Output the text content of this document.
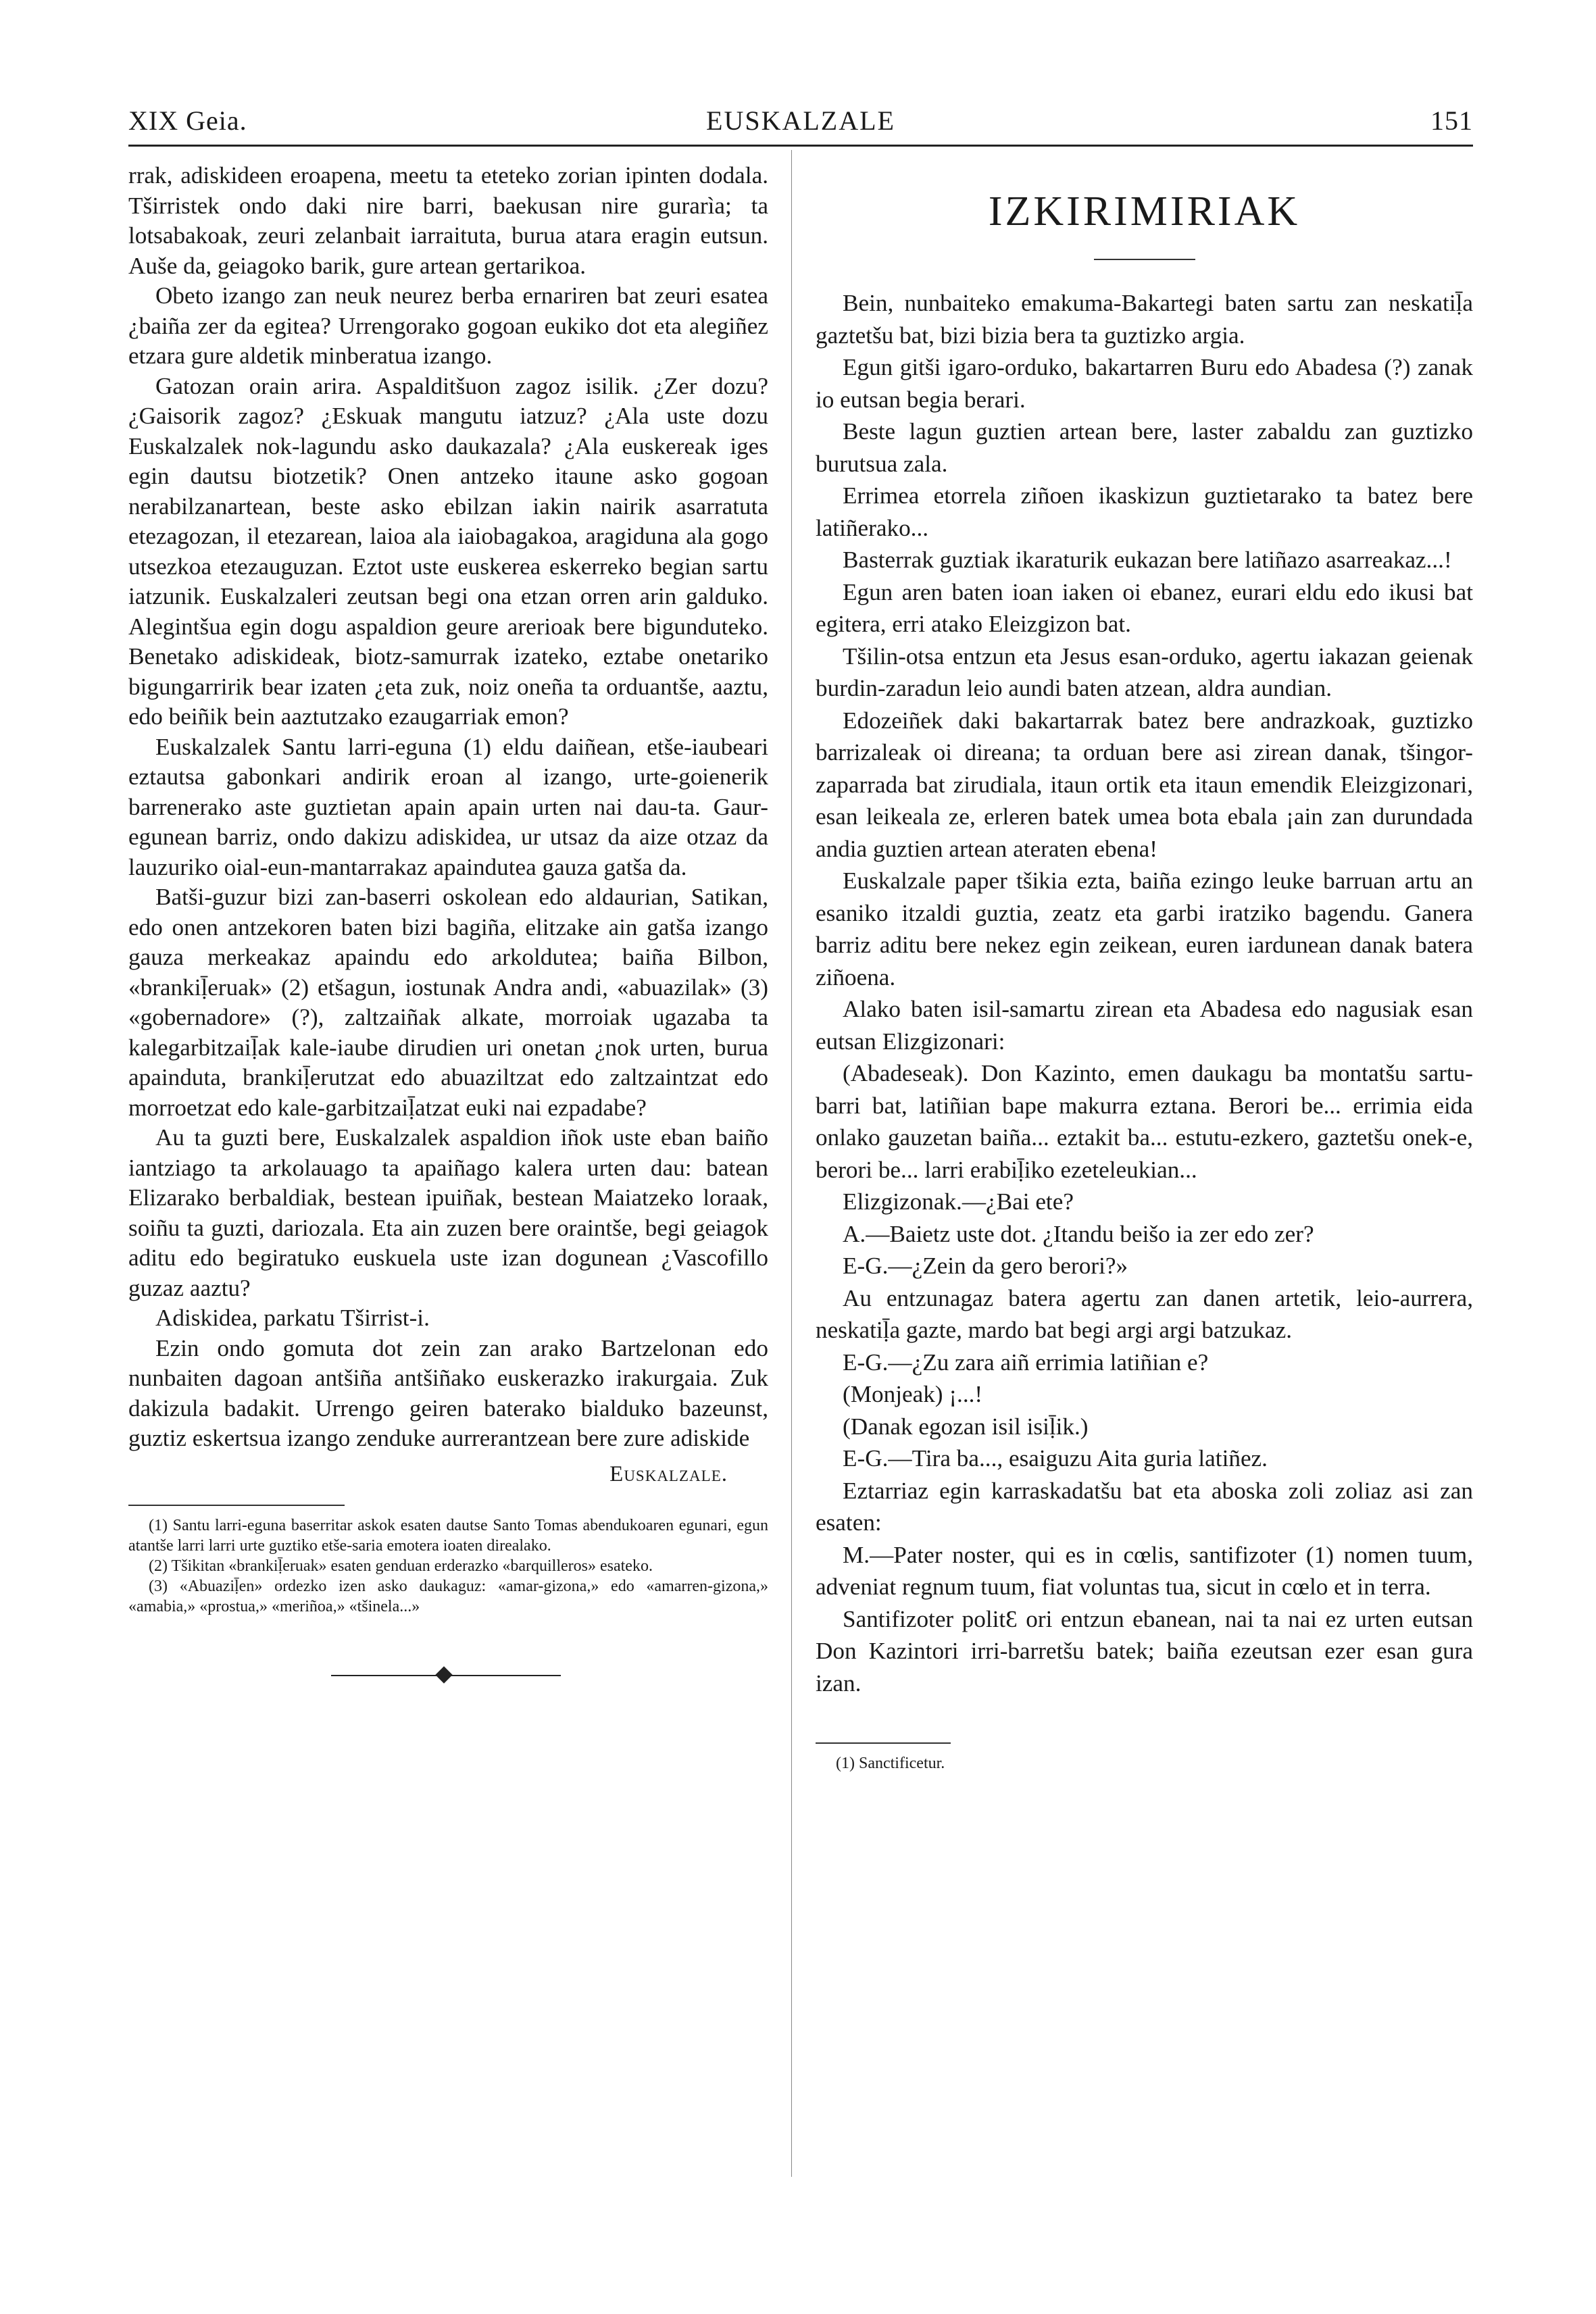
XIX Geia.	EUSKALZALE	151

rrak, adiskideen eroapena, meetu ta eteteko zorian ipinten dodala. Tširristek ondo daki nire barri, baekusan nire gurarìa; ta lotsabakoak, zeuri zelanbait iarraituta, burua atara eragin eutsun. Auše da, geiagoko barik, gure artean gertarikoa.

Obeto izango zan neuk neurez berba ernariren bat zeuri esatea ¿baiña zer da egitea? Urrengorako gogoan eukiko dot eta alegiñez etzara gure aldetik minberatua izango.

Gatozan orain arira. Aspalditšuon zagoz isilik. ¿Zer dozu? ¿Gaisorik zagoz? ¿Eskuak mangutu iatzuz? ¿Ala uste dozu Euskalzalek nok-lagundu asko daukazala? ¿Ala euskereak iges egin dautsu biotzetik? Onen antzeko itaune asko gogoan nerabilzanartean, beste asko ebilzan iakin nairik asarratuta etezagozan, il etezarean, laioa ala iaiobagakoa, aragiduna ala gogo utsezkoa etezauguzan. Eztot uste euskerea eskerreko begian sartu iatzunik. Euskalzaleri zeutsan begi ona etzan orren arin galduko. Alegintšua egin dogu aspaldion geure arerioak bere bigunduteko. Benetako adiskideak, biotz-samurrak izateko, eztabe onetariko bigungarririk bear izaten ¿eta zuk, noiz oneña ta orduantše, aaztu, edo beiñik bein aaztutzako ezaugarriak emon?

Euskalzalek Santu larri-eguna (1) eldu daiñean, etše-iaubeari eztautsa gabonkari andirik eroan al izango, urte-goienerik barrenerako aste guztietan apain apain urten nai dau-ta. Gaur-egunean barriz, ondo dakizu adiskidea, ur utsaz da aize otzaz da lauzuriko oial-eun-mantarrakaz apaindutea gauza gatša da.

Batši-guzur bizi zan-baserri oskolean edo aldaurian, Satikan, edo onen antzekoren baten bizi bagiña, elitzake ain gatša izango gauza merkeakaz apaindu edo arkoldutea; baiña Bilbon, «brankiḹeruak» (2) etšagun, iostunak Andra andi, «abuazilak» (3) «gobernadore» (?), zaltzaiñak alkate, morroiak ugazaba ta kalegarbitzaiḹak kale-iaube dirudien uri onetan ¿nok urten, burua apainduta, brankiḹerutzat edo abuaziltzat edo zaltzaintzat edo morroetzat edo kale-garbitzaiḹatzat euki nai ezpadabe?

Au ta guzti bere, Euskalzalek aspaldion iñok uste eban baiño iantziago ta arkolauago ta apaiñago kalera urten dau: batean Elizarako berbaldiak, bestean ipuiñak, bestean Maiatzeko loraak, soiñu ta guzti, dariozala. Eta ain zuzen bere oraintše, begi geiagok aditu edo begiratuko euskuela uste izan dogunean ¿Vascofillo guzaz aaztu?

Adiskidea, parkatu Tširrist-i.

Ezin ondo gomuta dot zein zan arako Bartzelonan edo nunbaiten dagoan antšiña antšiñako euskerazko irakurgaia. Zuk dakizula badakit. Urrengo geiren baterako bialduko bazeunst, guztiz eskertsua izango zenduke aurrerantzean bere zure adiskide

Euskalzale.

(1) Santu larri-eguna baserritar askok esaten dautse Santo Tomas abendukoaren egunari, egun atantše larri larri urte guztiko etše-saria emotera ioaten direalako.

(2) Tšikitan «brankiḹeruak» esaten genduan erderazko «barquilleros» esateko.

(3) «Abuaziḹen» ordezko izen asko daukaguz: «amar-gizona,» edo «amarren-gizona,» «amabia,» «prostua,» «meriñoa,» «tšinela...»

IZKIRIMIRIAK

Bein, nunbaiteko emakuma-Bakartegi baten sartu zan neskatiḹa gaztetšu bat, bizi bizia bera ta guztizko argia.

Egun gitši igaro-orduko, bakartarren Buru edo Abadesa (?) zanak io eutsan begia berari.

Beste lagun guztien artean bere, laster zabaldu zan guztizko burutsua zala.

Errimea etorrela ziñoen ikaskizun guztietarako ta batez bere latiñerako...

Basterrak guztiak ikaraturik eukazan bere latiñazo asarreakaz...!

Egun aren baten ioan iaken oi ebanez, eurari eldu edo ikusi bat egitera, erri atako Eleizgizon bat.

Tšilin-otsa entzun eta Jesus esan-orduko, agertu iakazan geienak burdin-zaradun leio aundi baten atzean, aldra aundian.

Edozeiñek daki bakartarrak batez bere andrazkoak, guztizko barrizaleak oi direana; ta orduan bere asi zirean danak, tšingor-zaparrada bat zirudiala, itaun ortik eta itaun emendik Eleizgizonari, esan leikeala ze, erleren batek umea bota ebala ¡ain zan durundada andia guztien artean ateraten ebena!

Euskalzale paper tšikia ezta, baiña ezingo leuke barruan artu an esaniko itzaldi guztia, zeatz eta garbi iratziko bagendu. Ganera barriz aditu bere nekez egin zeikean, euren iardunean danak batera ziñoena.

Alako baten isil-samartu zirean eta Abadesa edo nagusiak esan eutsan Elizgizonari:

(Abadeseak). Don Kazinto, emen daukagu ba montatšu sartu-barri bat, latiñian bape makurra eztana. Berori be... errimia eida onlako gauzetan baiña... eztakit ba... estutu-ezkero, gaztetšu onek-e, berori be... larri erabiḹiko ezeteleukian...

Elizgizonak.—¿Bai ete?

A.—Baietz uste dot. ¿Itandu beišo ia zer edo zer?

E-G.—¿Zein da gero berori?»

Au entzunagaz batera agertu zan danen artetik, leio-aurrera, neskatiḹa gazte, mardo bat begi argi argi batzukaz.

E-G.—¿Zu zara aiñ errimia latiñian e?

(Monjeak) ¡...!

(Danak egozan isil isiḹik.)

E-G.—Tira ba..., esaiguzu Aita guria latiñez.

Eztarriaz egin karraskadatšu bat eta aboska zoli zoliaz asi zan esaten:

M.—Pater noster, qui es in cœlis, santifizoter (1) nomen tuum, adveniat regnum tuum, fiat voluntas tua, sicut in cœlo et in terra.

Santifizoter politƐ ori entzun ebanean, nai ta nai ez urten eutsan Don Kazintori irri-barretšu batek; baiña ezeutsan ezer esan gura izan.

(1) Sanctificetur.
